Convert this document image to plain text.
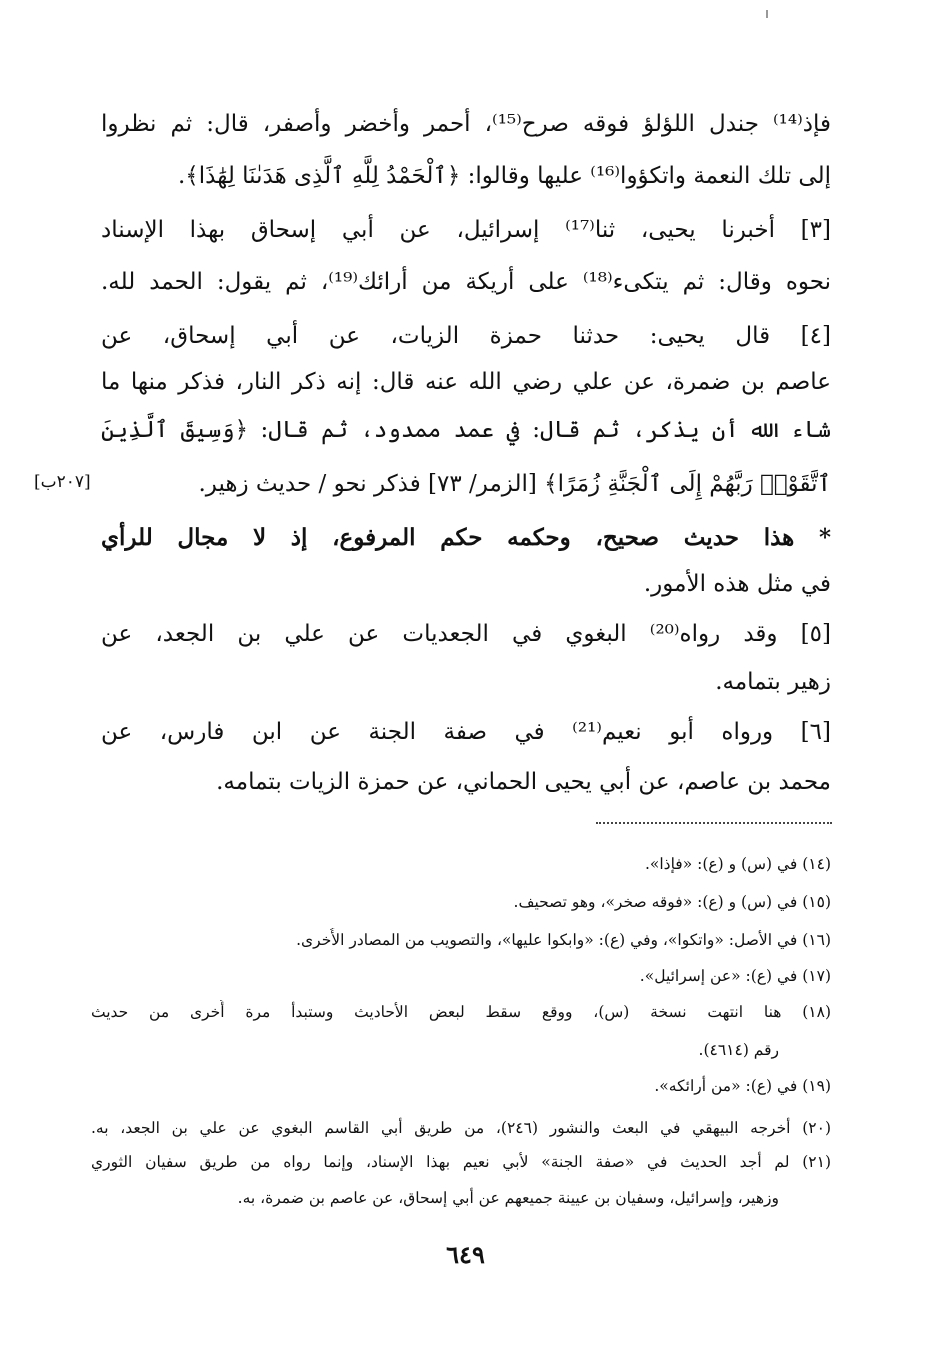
فإذ⁽¹⁴⁾ جندل اللؤلؤ فوقه صرح⁽¹⁵⁾، أحمر وأخضر وأصفر، قال: ثم نظروا
إلى تلك النعمة واتكؤوا⁽¹⁶⁾ عليها وقالوا: ﴿ٱلْحَمْدُ لِلَّهِ ٱلَّذِى هَدَىٰنَا لِهَٰذَا﴾.
[٣] أخبرنا يحيى، ثنا⁽¹⁷⁾ إسرائيل، عن أبي إسحاق بهذا الإسناد
نحوه وقال: ثم يتكىء⁽¹⁸⁾ على أريكة من أرائك⁽¹⁹⁾، ثم يقول: الحمد لله.
[٤] قال يحيى: حدثنا حمزة الزيات، عن أبي إسحاق، عن
عاصم بن ضمرة، عن علي رضي الله عنه قال: إنه ذكر النار، فذكر منها ما
شاء الله أن يذكر، ثم قال: في عمد ممدود، ثم قال: ﴿وَسِيقَ ٱلَّذِينَ
ٱتَّقَوْا۟ رَبَّهُمْ إِلَى ٱلْجَنَّةِ زُمَرًا﴾ [الزمر/ ٧٣] فذكر نحو / حديث زهير.
* هذا حديث صحيح، وحكمه حكم المرفوع، إذ لا مجال للرأي
في مثل هذه الأمور.
[٥] وقد رواه⁽²⁰⁾ البغوي في الجعديات عن علي بن الجعد، عن
زهير بتمامه.
[٦] ورواه أبو نعيم⁽²¹⁾ في صفة الجنة عن ابن فارس، عن
محمد بن عاصم، عن أبي يحيى الحماني، عن حمزة الزيات بتمامه.
[٢٠٧ب]
(١٤) في (س) و (ع): «فإذا».
(١٥) في (س) و (ع): «فوقه صخر»، وهو تصحيف.
(١٦) في الأصل: «واتكوا»، وفي (ع): «وابكوا عليها»، والتصويب من المصادر الأُخرى.
(١٧) في (ع): «عن إسرائيل».
(١٨) هنا انتهت نسخة (س)، ووقع سقط لبعض الأحاديث وستبدأ مرة أُخرى من حديث
رقم (٤٦١٤).
(١٩) في (ع): «من أرائكه».
(٢٠) أخرجه البيهقي في البعث والنشور (٢٤٦)، من طريق أبي القاسم البغوي عن علي بن الجعد، به.
(٢١) لم أجد الحديث في «صفة الجنة» لأبي نعيم بهذا الإسناد، وإنما رواه من طريق سفيان الثوري
وزهير، وإسرائيل، وسفيان بن عيينة جميعهم عن أبي إسحاق، عن عاصم بن ضمرة، به.
٦٤٩
